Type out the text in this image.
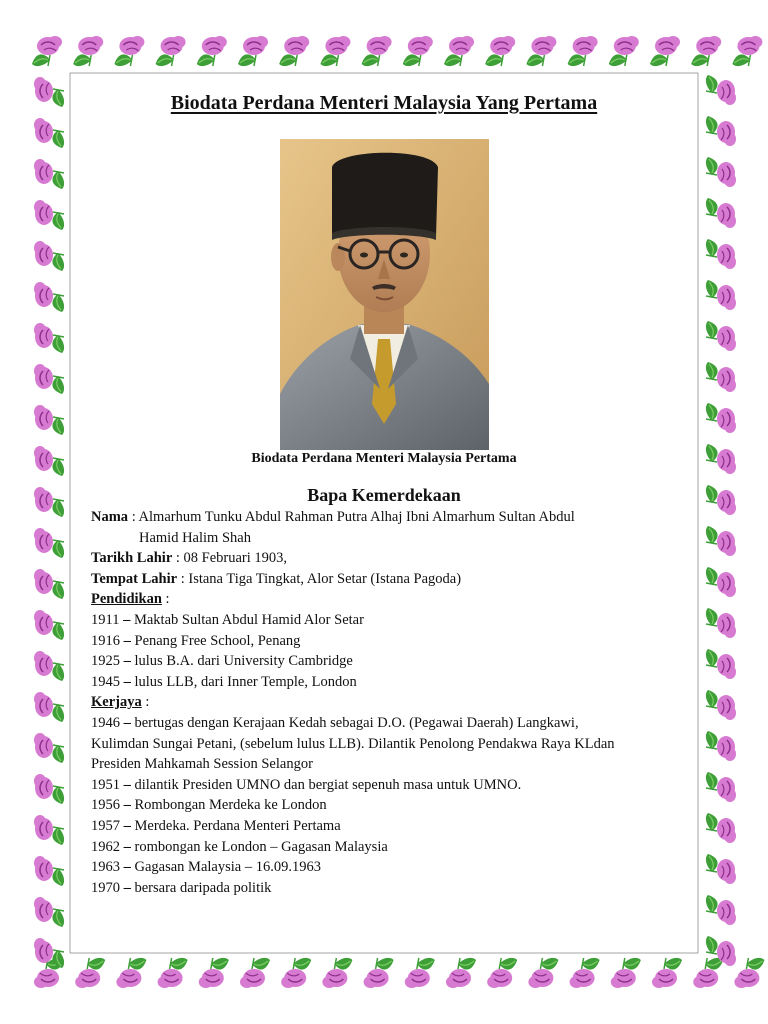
Biodata Perdana Menteri Malaysia Yang Pertama
Biodata Perdana Menteri Malaysia Pertama
Bapa Kemerdekaan
Nama : Almarhum Tunku Abdul Rahman Putra Alhaj Ibni Almarhum Sultan Abdul
Hamid Halim Shah
Tarikh Lahir : 08 Februari 1903,
Tempat Lahir : Istana Tiga Tingkat, Alor Setar (Istana Pagoda)
Pendidikan :
1911 – Maktab Sultan Abdul Hamid Alor Setar
1916 – Penang Free School, Penang
1925 – lulus B.A. dari University Cambridge
1945 – lulus LLB, dari Inner Temple, London
Kerjaya :
1946 – bertugas dengan Kerajaan Kedah sebagai D.O. (Pegawai Daerah) Langkawi,
Kulimdan Sungai Petani, (sebelum lulus LLB). Dilantik Penolong Pendakwa Raya KLdan
Presiden Mahkamah Session Selangor
1951 – dilantik Presiden UMNO dan bergiat sepenuh masa untuk UMNO.
1956 – Rombongan Merdeka ke London
1957 – Merdeka. Perdana Menteri Pertama
1962 – rombongan ke London – Gagasan Malaysia
1963 – Gagasan Malaysia – 16.09.1963
1970 – bersara daripada politik
